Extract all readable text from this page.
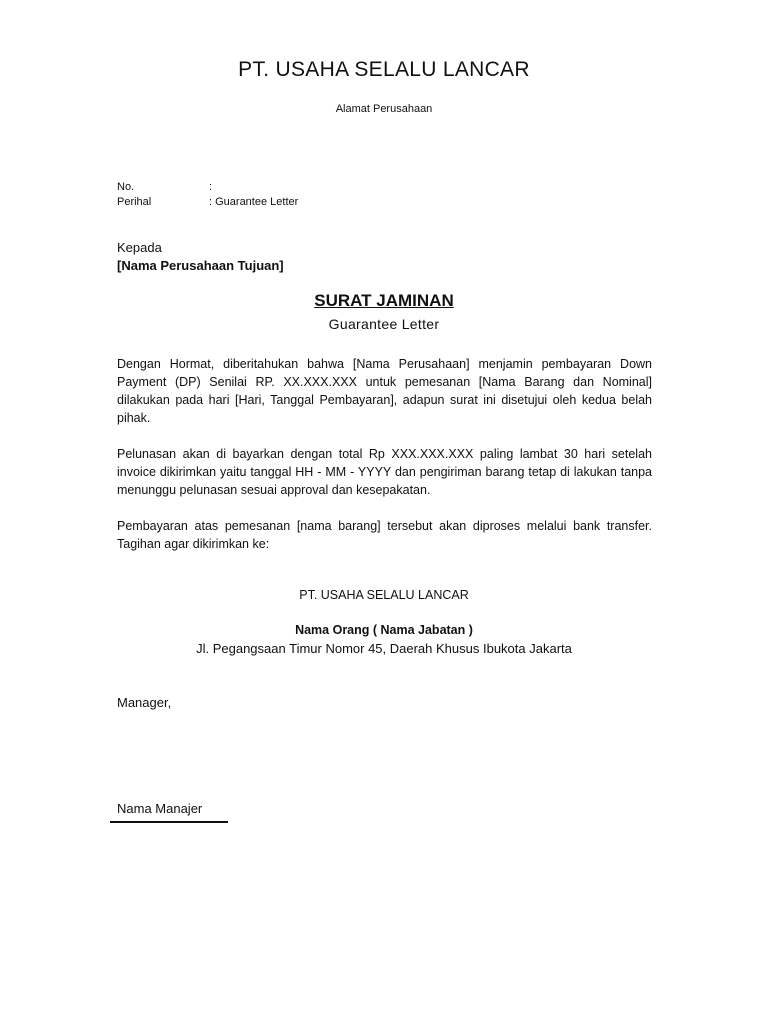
PT. USAHA SELALU LANCAR
Alamat Perusahaan
No.	:
Perihal	: Guarantee Letter
Kepada
[Nama Perusahaan Tujuan]
SURAT JAMINAN
Guarantee Letter
Dengan Hormat, diberitahukan bahwa [Nama Perusahaan] menjamin pembayaran Down Payment (DP) Senilai RP. XX.XXX.XXX untuk pemesanan [Nama Barang dan Nominal] dilakukan pada hari [Hari, Tanggal Pembayaran], adapun surat ini disetujui oleh kedua belah pihak.
Pelunasan akan di bayarkan dengan total Rp XXX.XXX.XXX paling lambat 30 hari setelah invoice dikirimkan yaitu tanggal HH - MM - YYYY dan pengiriman barang tetap di lakukan tanpa menunggu pelunasan sesuai approval dan kesepakatan.
Pembayaran atas pemesanan [nama barang] tersebut akan diproses melalui bank transfer. Tagihan agar dikirimkan ke:
PT. USAHA SELALU LANCAR
Nama Orang ( Nama Jabatan )
Jl. Pegangsaan Timur Nomor 45, Daerah Khusus Ibukota Jakarta
Manager,
Nama Manajer
